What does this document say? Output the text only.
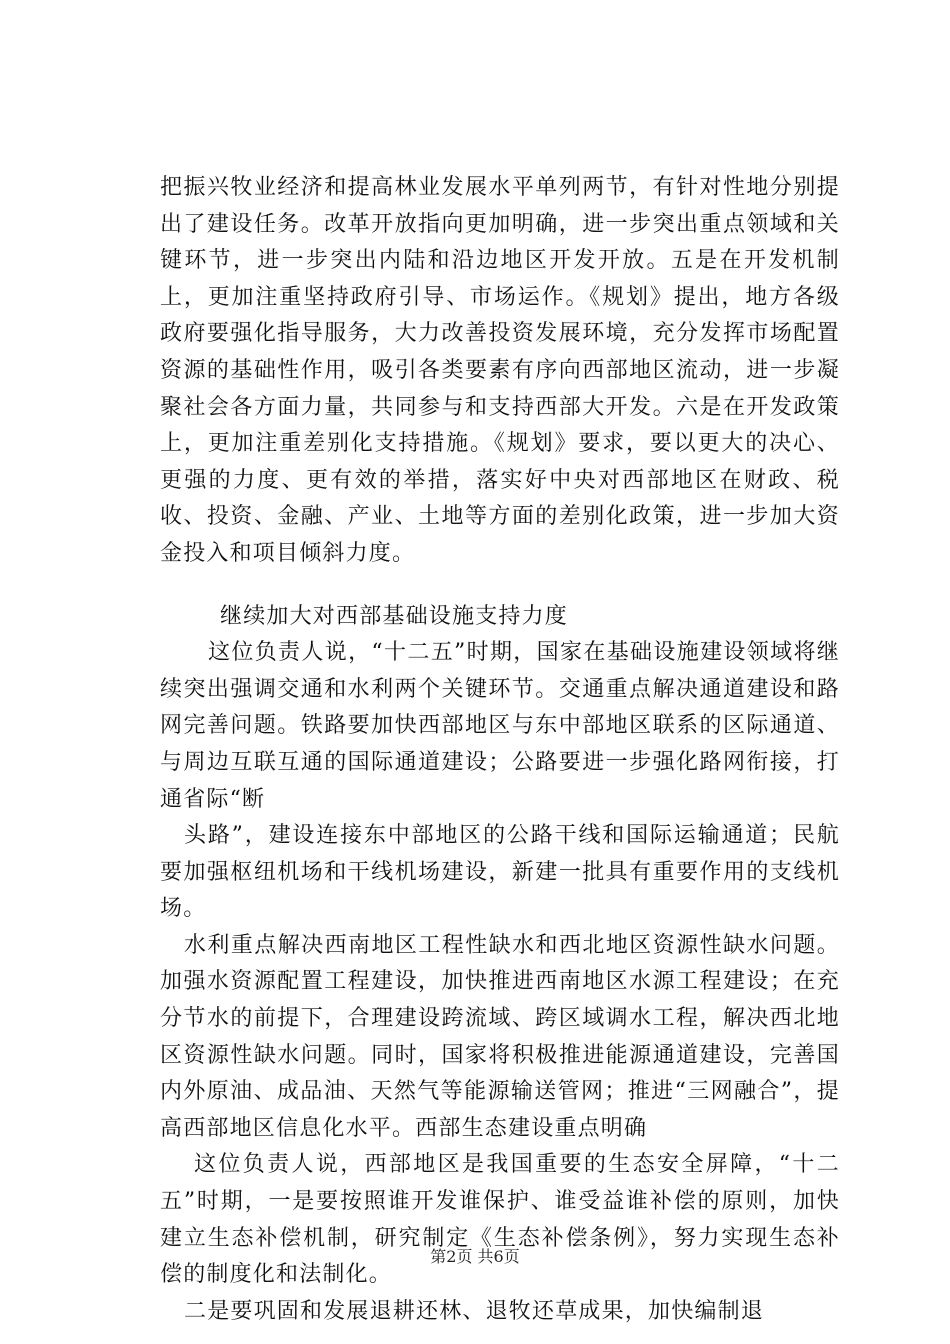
把振兴牧业经济和提高林业发展水平单列两节，有针对性地分别提出了建设任务。改革开放指向更加明确，进一步突出重点领域和关键环节，进一步突出内陆和沿边地区开发开放。五是在开发机制上，更加注重坚持政府引导、市场运作。《规划》提出，地方各级政府要强化指导服务，大力改善投资发展环境，充分发挥市场配置资源的基础性作用，吸引各类要素有序向西部地区流动，进一步凝聚社会各方面力量，共同参与和支持西部大开发。六是在开发政策上，更加注重差别化支持措施。《规划》要求，要以更大的决心、更强的力度、更有效的举措，落实好中央对西部地区在财政、税收、投资、金融、产业、土地等方面的差别化政策，进一步加大资金投入和项目倾斜力度。

继续加大对西部基础设施支持力度

这位负责人说，“十二五”时期，国家在基础设施建设领域将继续突出强调交通和水利两个关键环节。交通重点解决通道建设和路网完善问题。铁路要加快西部地区与东中部地区联系的区际通道、与周边互联互通的国际通道建设；公路要进一步强化路网衔接，打通省际“断

头路”，建设连接东中部地区的公路干线和国际运输通道；民航要加强枢纽机场和干线机场建设，新建一批具有重要作用的支线机场。

水利重点解决西南地区工程性缺水和西北地区资源性缺水问题。加强水资源配置工程建设，加快推进西南地区水源工程建设；在充分节水的前提下，合理建设跨流域、跨区域调水工程，解决西北地区资源性缺水问题。同时，国家将积极推进能源通道建设，完善国内外原油、成品油、天然气等能源输送管网；推进“三网融合”，提高西部地区信息化水平。西部生态建设重点明确

这位负责人说，西部地区是我国重要的生态安全屏障，“十二五”时期，一是要按照谁开发谁保护、谁受益谁补偿的原则，加快建立生态补偿机制，研究制定《生态补偿条例》，努力实现生态补偿的制度化和法制化。

二是要巩固和发展退耕还林、退牧还草成果，加快编制退

第2页 共6页
